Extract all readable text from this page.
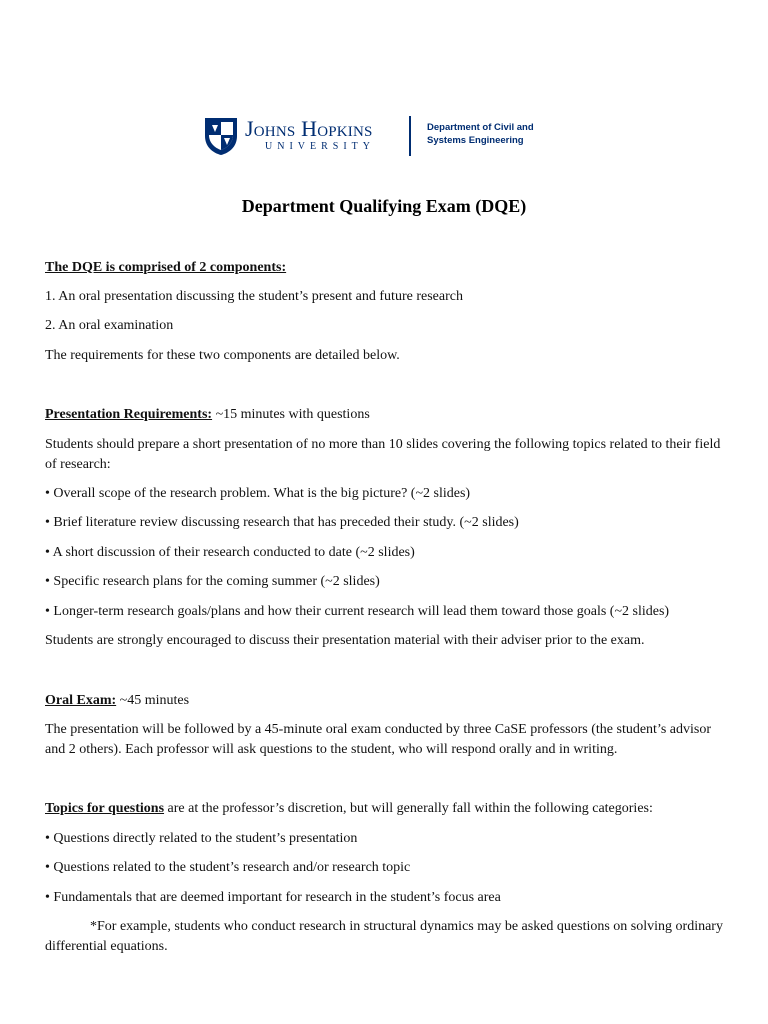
Johns Hopkins
UNIVERSITY
Department of Civil and Systems Engineering
Department Qualifying Exam (DQE)
The DQE is comprised of 2 components:
1. An oral presentation discussing the student’s present and future research
2. An oral examination
The requirements for these two components are detailed below.
Presentation Requirements: ~15 minutes with questions
Students should prepare a short presentation of no more than 10 slides covering the following topics related to their field of research:
• Overall scope of the research problem. What is the big picture? (~2 slides)
• Brief literature review discussing research that has preceded their study. (~2 slides)
• A short discussion of their research conducted to date (~2 slides)
• Specific research plans for the coming summer (~2 slides)
• Longer-term research goals/plans and how their current research will lead them toward those goals (~2 slides)
Students are strongly encouraged to discuss their presentation material with their adviser prior to the exam.
Oral Exam: ~45 minutes
The presentation will be followed by a 45-minute oral exam conducted by three CaSE professors (the student’s advisor and 2 others). Each professor will ask questions to the student, who will respond orally and in writing.
Topics for questions are at the professor’s discretion, but will generally fall within the following categories:
• Questions directly related to the student’s presentation
• Questions related to the student’s research and/or research topic
• Fundamentals that are deemed important for research in the student’s focus area
*For example, students who conduct research in structural dynamics may be asked questions on solving ordinary differential equations.
